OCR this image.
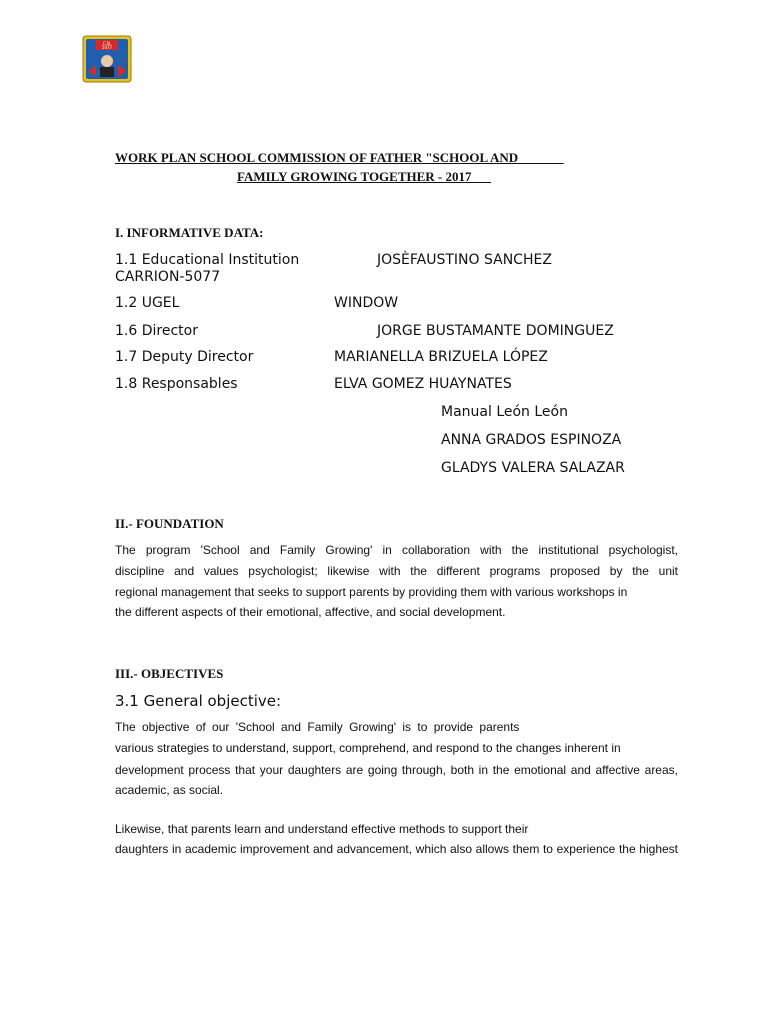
C.N.
5077
WORK PLAN SCHOOL COMMISSION OF FATHER "SCHOOL AND
FAMILY GROWING TOGETHER - 2017
I. INFORMATIVE DATA:
1.1 Educational Institution	JOSÈFAUSTINO SANCHEZ
CARRION-5077
1.2 UGEL	WINDOW
1.6 Director	JORGE BUSTAMANTE DOMINGUEZ
1.7 Deputy Director	MARIANELLA BRIZUELA LÓPEZ
1.8 Responsables	ELVA GOMEZ HUAYNATES
Manual León León
ANNA GRADOS ESPINOZA
GLADYS VALERA SALAZAR
II.- FOUNDATION
The program 'School and Family Growing' in collaboration with the institutional psychologist,
discipline and values psychologist; likewise with the different programs proposed by the unit
regional management that seeks to support parents by providing them with various workshops in
the different aspects of their emotional, affective, and social development.
III.- OBJECTIVES
3.1 General objective:
The objective of our 'School and Family Growing' is to provide parents
various strategies to understand, support, comprehend, and respond to the changes inherent in
development process that your daughters are going through, both in the emotional and affective areas,
academic, as social.
Likewise, that parents learn and understand effective methods to support their
daughters in academic improvement and advancement, which also allows them to experience the highest
